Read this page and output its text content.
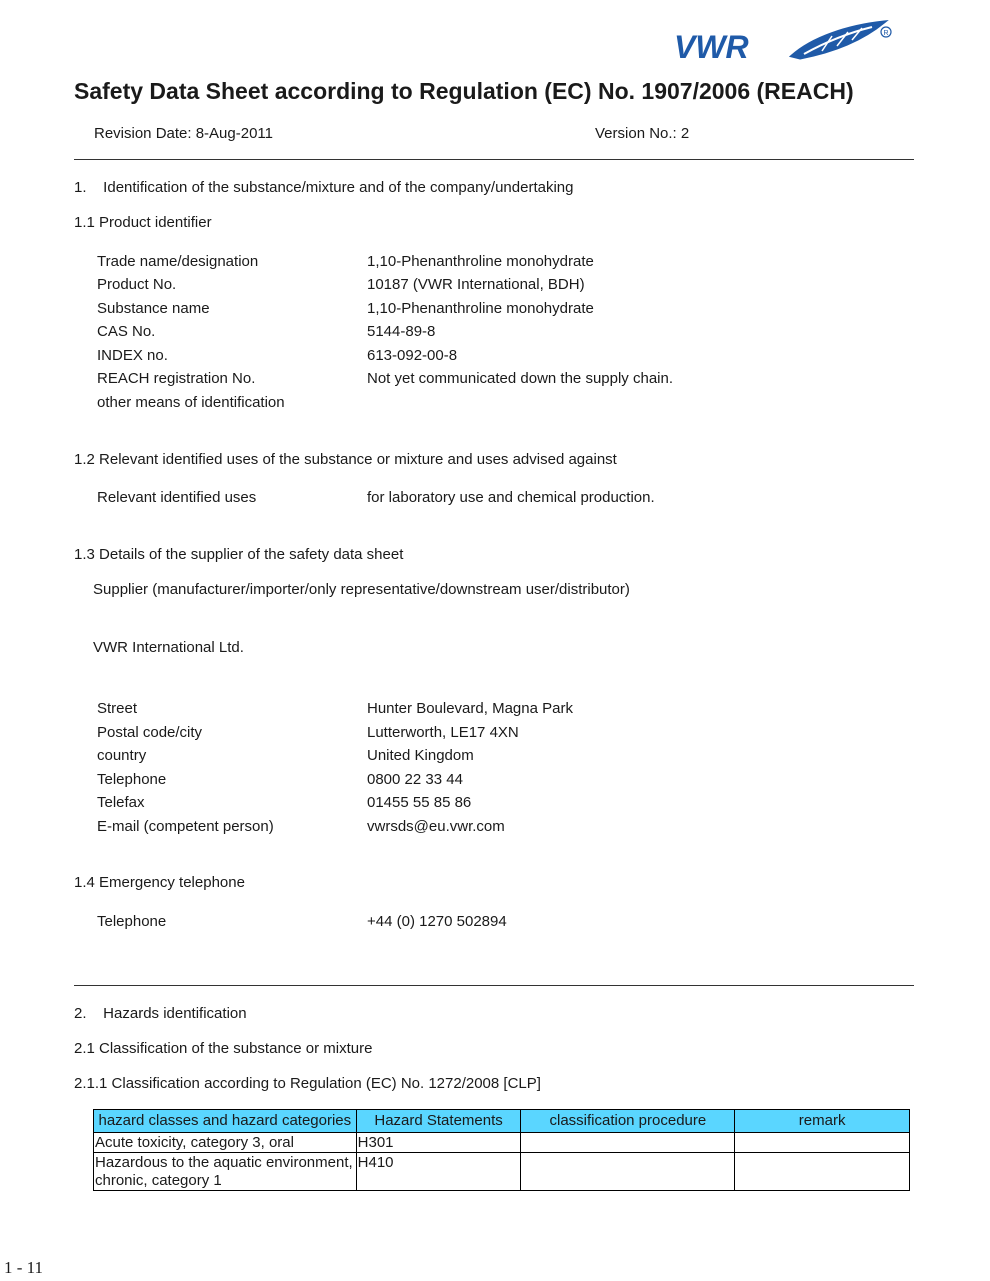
VWR	R
Safety Data Sheet according to Regulation (EC) No. 1907/2006 (REACH)
Revision Date: 8-Aug-2011	Version No.: 2
1.    Identification of the substance/mixture and of the company/undertaking
1.1 Product identifier
Trade name/designation	1,10-Phenanthroline monohydrate
Product No.	10187 (VWR International, BDH)
Substance name	1,10-Phenanthroline monohydrate
CAS No.	5144-89-8
INDEX no.	613-092-00-8
REACH registration No.	Not yet communicated down the supply chain.
other means of identification
1.2 Relevant identified uses of the substance or mixture and uses advised against
Relevant identified uses	for laboratory use and chemical production.
1.3 Details of the supplier of the safety data sheet
Supplier (manufacturer/importer/only representative/downstream user/distributor)
VWR International Ltd.
Street	Hunter Boulevard, Magna Park
Postal code/city	Lutterworth, LE17 4XN
country	United Kingdom
Telephone	0800 22 33 44
Telefax	01455 55 85 86
E-mail (competent person)	vwrsds@eu.vwr.com
1.4 Emergency telephone
Telephone	+44 (0) 1270 502894
2.    Hazards identification
2.1 Classification of the substance or mixture
2.1.1 Classification according to Regulation (EC) No. 1272/2008 [CLP]
hazard classes and hazard categories	Hazard Statements	classification procedure	remark
Acute toxicity, category 3, oral	H301		
Hazardous to the aquatic environment, chronic, category 1	H410		
1 - 11
